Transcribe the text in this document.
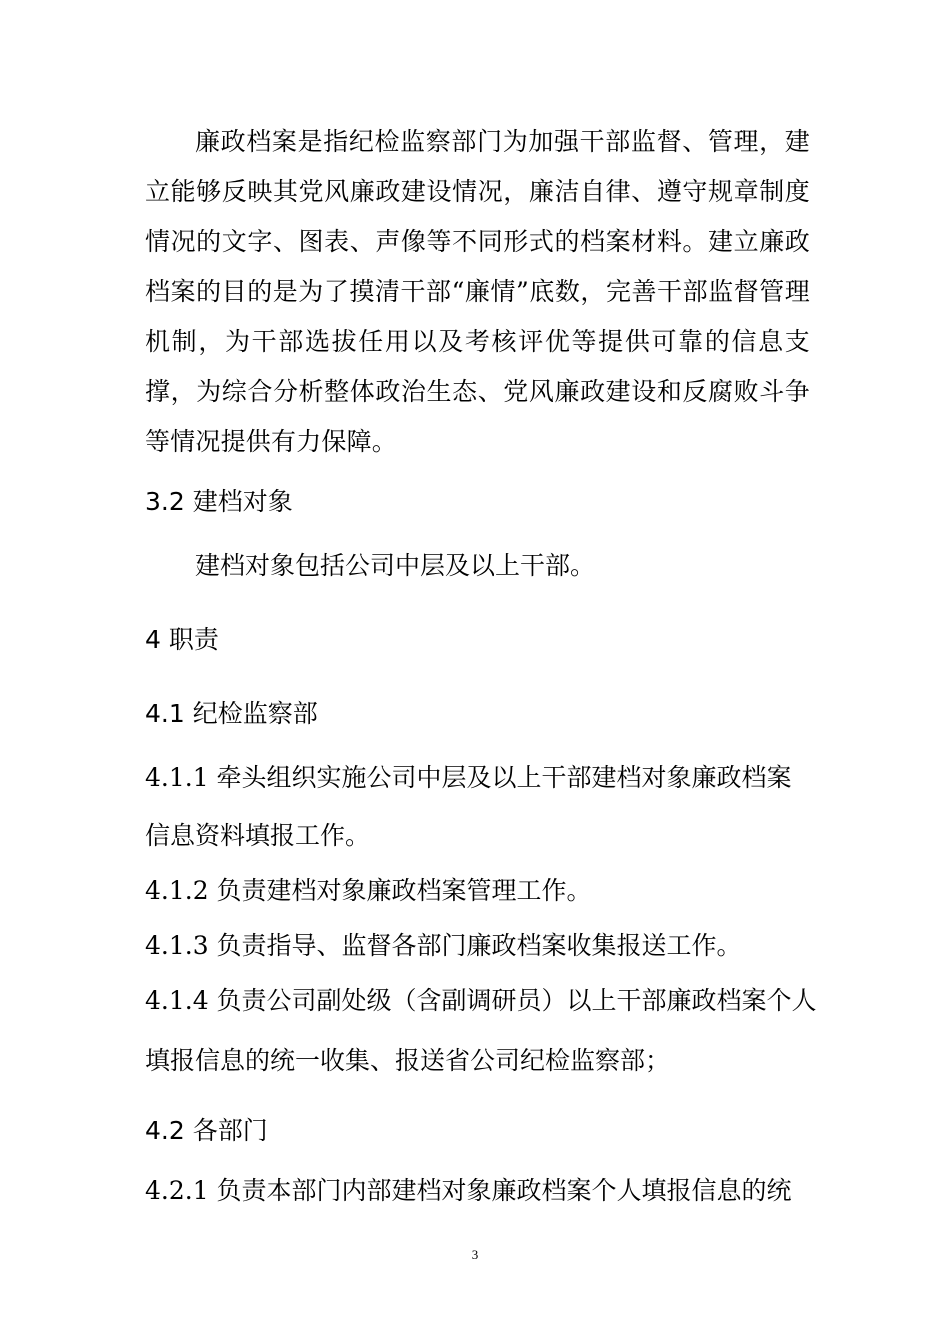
廉政档案是指纪检监察部门为加强干部监督、管理，建立能够反映其党风廉政建设情况，廉洁自律、遵守规章制度情况的文字、图表、声像等不同形式的档案材料。建立廉政档案的目的是为了摸清干部“廉情”底数，完善干部监督管理机制，为干部选拔任用以及考核评优等提供可靠的信息支撑，为综合分析整体政治生态、党风廉政建设和反腐败斗争等情况提供有力保障。

3.2 建档对象
建档对象包括公司中层及以上干部。
4 职责
4.1 纪检监察部
4.1.1 牵头组织实施公司中层及以上干部建档对象廉政档案
信息资料填报工作。
4.1.2 负责建档对象廉政档案管理工作。
4.1.3 负责指导、监督各部门廉政档案收集报送工作。
4.1.4 负责公司副处级（含副调研员）以上干部廉政档案个人
填报信息的统一收集、报送省公司纪检监察部；
4.2 各部门
4.2.1 负责本部门内部建档对象廉政档案个人填报信息的统
3
